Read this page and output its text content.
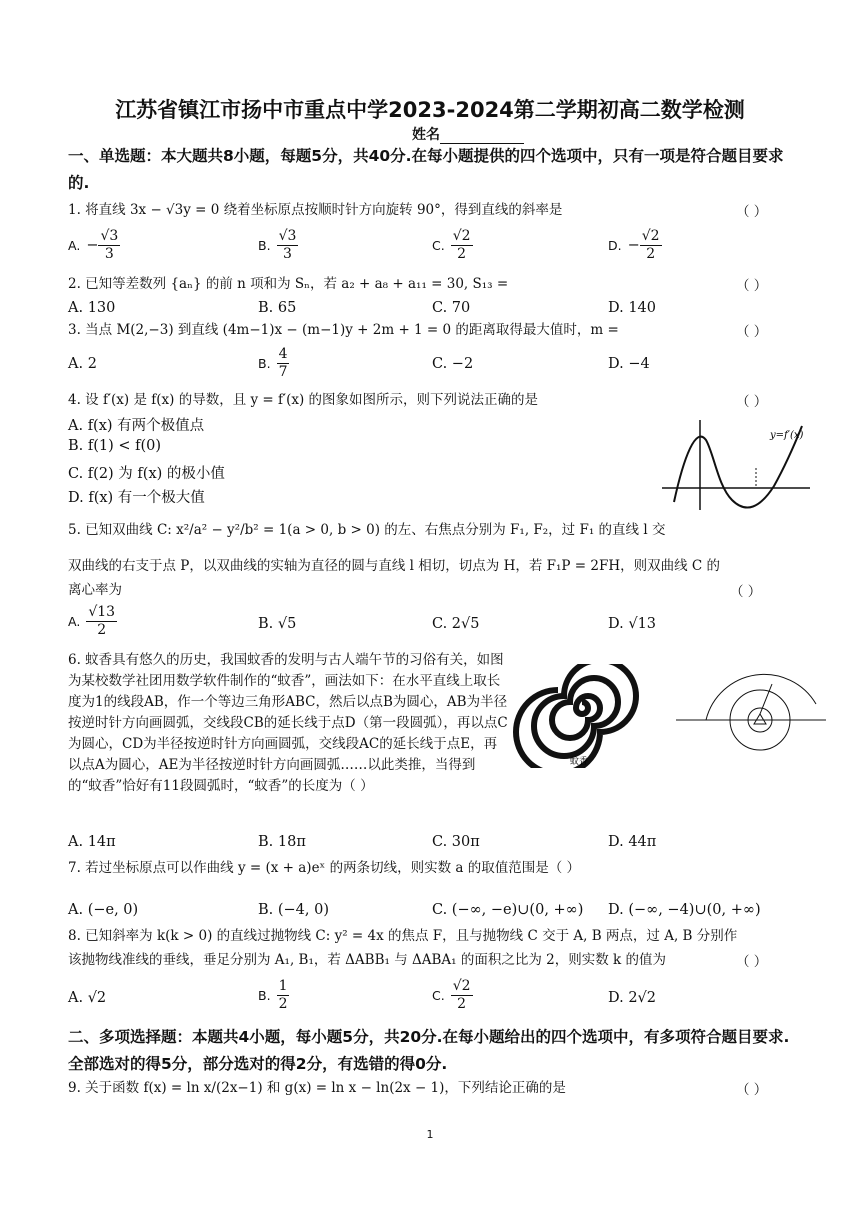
江苏省镇江市扬中市重点中学2023-2024第二学期初高二数学检测
姓名
一、单选题：本大题共8小题，每题5分，共40分.在每小题提供的四个选项中，只有一项是符合题目要求的.
1. 将直线 3x − √3y = 0 绕着坐标原点按顺时针方向旋转 90°，得到直线的斜率是	（ ）
A. − $\frac{√3}{3}$	B. $\frac{√3}{3}$	C. $\frac{√2}{2}$	D. − $\frac{√2}{2}$
2. 已知等差数列 {aₙ} 的前 n 项和为 Sₙ，若 a₂ + a₈ + a₁₁ = 30, S₁₃ =	（ ）
A. 130	B. 65	C. 70	D. 140
3. 当点 M(2,−3) 到直线 (4m−1)x − (m−1)y + 2m + 1 = 0 的距离取得最大值时，m =	（ ）
A. 2	B. $\frac{4}{7}$	C. −2	D. −4
4. 设 f′(x) 是 f(x) 的导数，且 y = f′(x) 的图象如图所示，则下列说法正确的是	（ ）
A. f(x) 有两个极值点
B. f(1) < f(0)
C. f(2) 为 f(x) 的极小值
D. f(x) 有一个极大值
y=f′(x)
5. 已知双曲线 C: x²/a² − y²/b² = 1(a > 0, b > 0) 的左、右焦点分别为 F₁, F₂，过 F₁ 的直线 l 交
双曲线的右支于点 P，以双曲线的实轴为直径的圆与直线 l 相切，切点为 H，若 F₁P = 2FH，则双曲线 C 的
离心率为	（ ）
A. $\frac{√13}{2}$	B. √5	C. 2√5	D. √13
6. 蚊香具有悠久的历史，我国蚊香的发明与古人端午节的习俗有关，如图为某校数学社团用数学软件制作的“蚊香”，画法如下：在水平直线上取长度为1的线段AB，作一个等边三角形ABC，然后以点B为圆心，AB为半径按逆时针方向画圆弧，交线段CB的延长线于点D（第一段圆弧），再以点C为圆心，CD为半径按逆时针方向画圆弧，交线段AC的延长线于点E，再以点A为圆心，AE为半径按逆时针方向画圆弧……以此类推，当得到的“蚊香”恰好有11段圆弧时，“蚊香”的长度为（ ）
蚊香
A. 14π	B. 18π	C. 30π	D. 44π
7. 若过坐标原点可以作曲线 y = (x + a)eˣ 的两条切线，则实数 a 的取值范围是（ ）
A. (−e, 0)	B. (−4, 0)	C. (−∞, −e)∪(0, +∞) D. (−∞, −4)∪(0, +∞)
8. 已知斜率为 k(k > 0) 的直线过抛物线 C: y² = 4x 的焦点 F，且与抛物线 C 交于 A, B 两点，过 A, B 分别作
该抛物线准线的垂线，垂足分别为 A₁, B₁，若 ΔABB₁ 与 ΔABA₁ 的面积之比为 2，则实数 k 的值为	（ ）
A. √2	B. $\frac{1}{2}$	C. $\frac{√2}{2}$	D. 2√2
二、多项选择题：本题共4小题，每小题5分，共20分.在每小题给出的四个选项中，有多项符合题目要求.全部选对的得5分，部分选对的得2分，有选错的得0分.
9. 关于函数 f(x) = ln x/(2x−1) 和 g(x) = ln x − ln(2x − 1)，下列结论正确的是	（ ）
1
